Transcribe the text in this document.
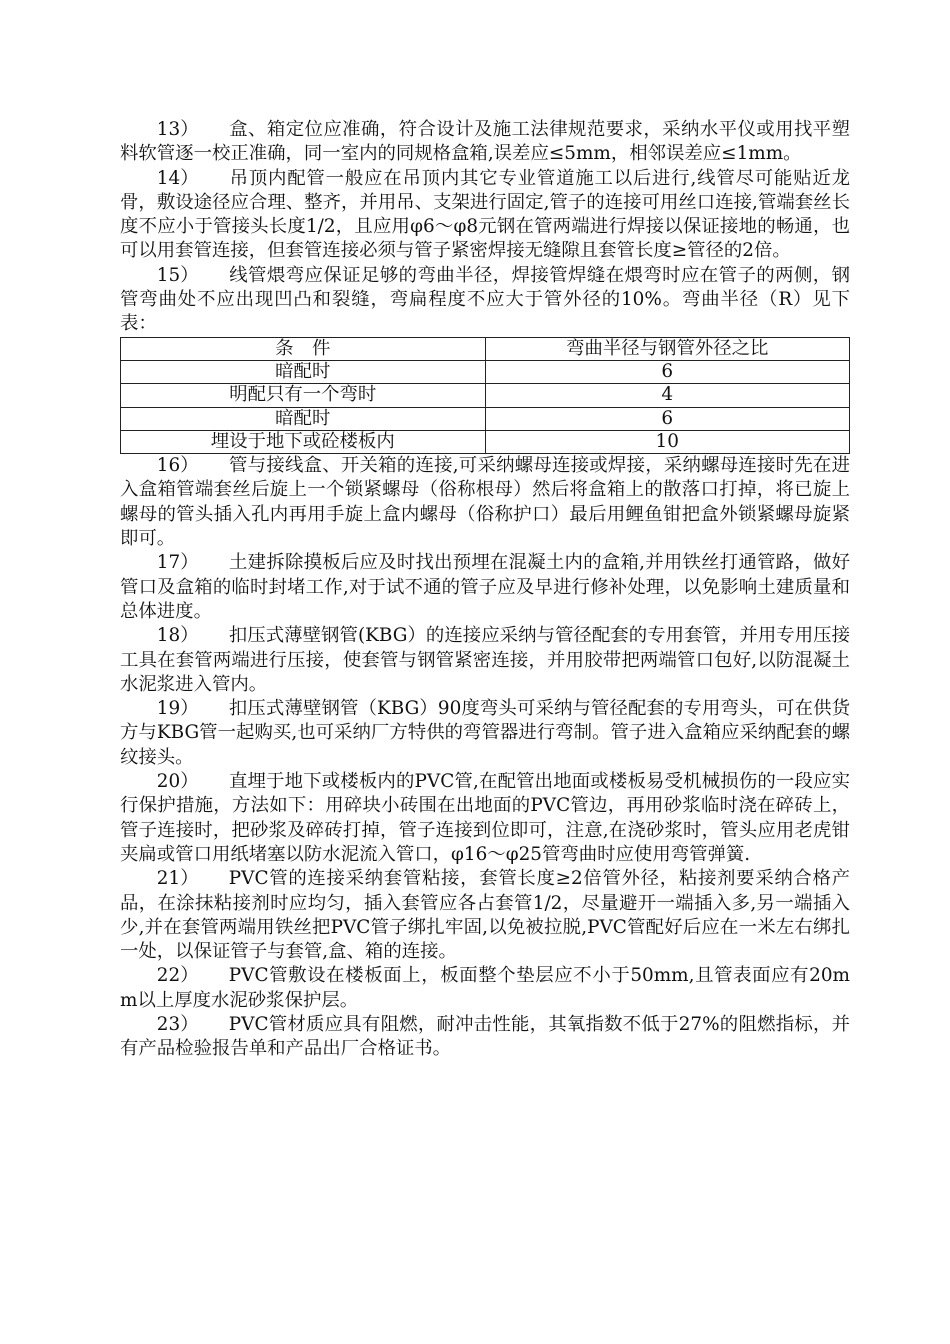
13） 盒、箱定位应准确，符合设计及施工法律规范要求，采纳水平仪或用找平塑料软管逐一校正准确，同一室内的同规格盒箱,误差应≤5mm，相邻误差应≤1mm。

14） 吊顶内配管一般应在吊顶内其它专业管道施工以后进行,线管尽可能贴近龙骨，敷设途径应合理、整齐，并用吊、支架进行固定,管子的连接可用丝口连接,管端套丝长度不应小于管接头长度1/2，且应用φ6～φ8元钢在管两端进行焊接以保证接地的畅通，也可以用套管连接，但套管连接必须与管子紧密焊接无缝隙且套管长度≥管径的2倍。

15） 线管煨弯应保证足够的弯曲半径，焊接管焊缝在煨弯时应在管子的两侧，钢管弯曲处不应出现凹凸和裂缝，弯扁程度不应大于管外径的10%。弯曲半径（R）见下表：

条　件	弯曲半径与钢管外径之比
暗配时	6
明配只有一个弯时	4
暗配时	6
埋设于地下或砼楼板内	10

16） 管与接线盒、开关箱的连接,可采纳螺母连接或焊接，采纳螺母连接时先在进入盒箱管端套丝后旋上一个锁紧螺母（俗称根母）然后将盒箱上的散落口打掉，将已旋上螺母的管头插入孔内再用手旋上盒内螺母（俗称护口）最后用鲤鱼钳把盒外锁紧螺母旋紧即可。

17） 土建拆除摸板后应及时找出预埋在混凝土内的盒箱,并用铁丝打通管路，做好管口及盒箱的临时封堵工作,对于试不通的管子应及早进行修补处理，以免影响土建质量和总体进度。

18） 扣压式薄壁钢管(KBG）的连接应采纳与管径配套的专用套管，并用专用压接工具在套管两端进行压接，使套管与钢管紧密连接，并用胶带把两端管口包好,以防混凝土水泥浆进入管内。

19） 扣压式薄壁钢管（KBG）90度弯头可采纳与管径配套的专用弯头，可在供货方与KBG管一起购买,也可采纳厂方特供的弯管器进行弯制。管子进入盒箱应采纳配套的螺纹接头。

20） 直埋于地下或楼板内的PVC管,在配管出地面或楼板易受机械损伤的一段应实行保护措施，方法如下：用碎块小砖围在出地面的PVC管边，再用砂浆临时浇在碎砖上，管子连接时，把砂浆及碎砖打掉，管子连接到位即可，注意,在浇砂浆时，管头应用老虎钳夹扁或管口用纸堵塞以防水泥流入管口，φ16～φ25管弯曲时应使用弯管弹簧.

21） PVC管的连接采纳套管粘接，套管长度≥2倍管外径，粘接剂要采纳合格产品，在涂抹粘接剂时应均匀，插入套管应各占套管1/2，尽量避开一端插入多,另一端插入少,并在套管两端用铁丝把PVC管子绑扎牢固,以免被拉脱,PVC管配好后应在一米左右绑扎一处，以保证管子与套管,盒、箱的连接。

22） PVC管敷设在楼板面上，板面整个垫层应不小于50mm,且管表面应有20mm以上厚度水泥砂浆保护层。

23） PVC管材质应具有阻燃，耐冲击性能，其氧指数不低于27%的阻燃指标，并有产品检验报告单和产品出厂合格证书。
